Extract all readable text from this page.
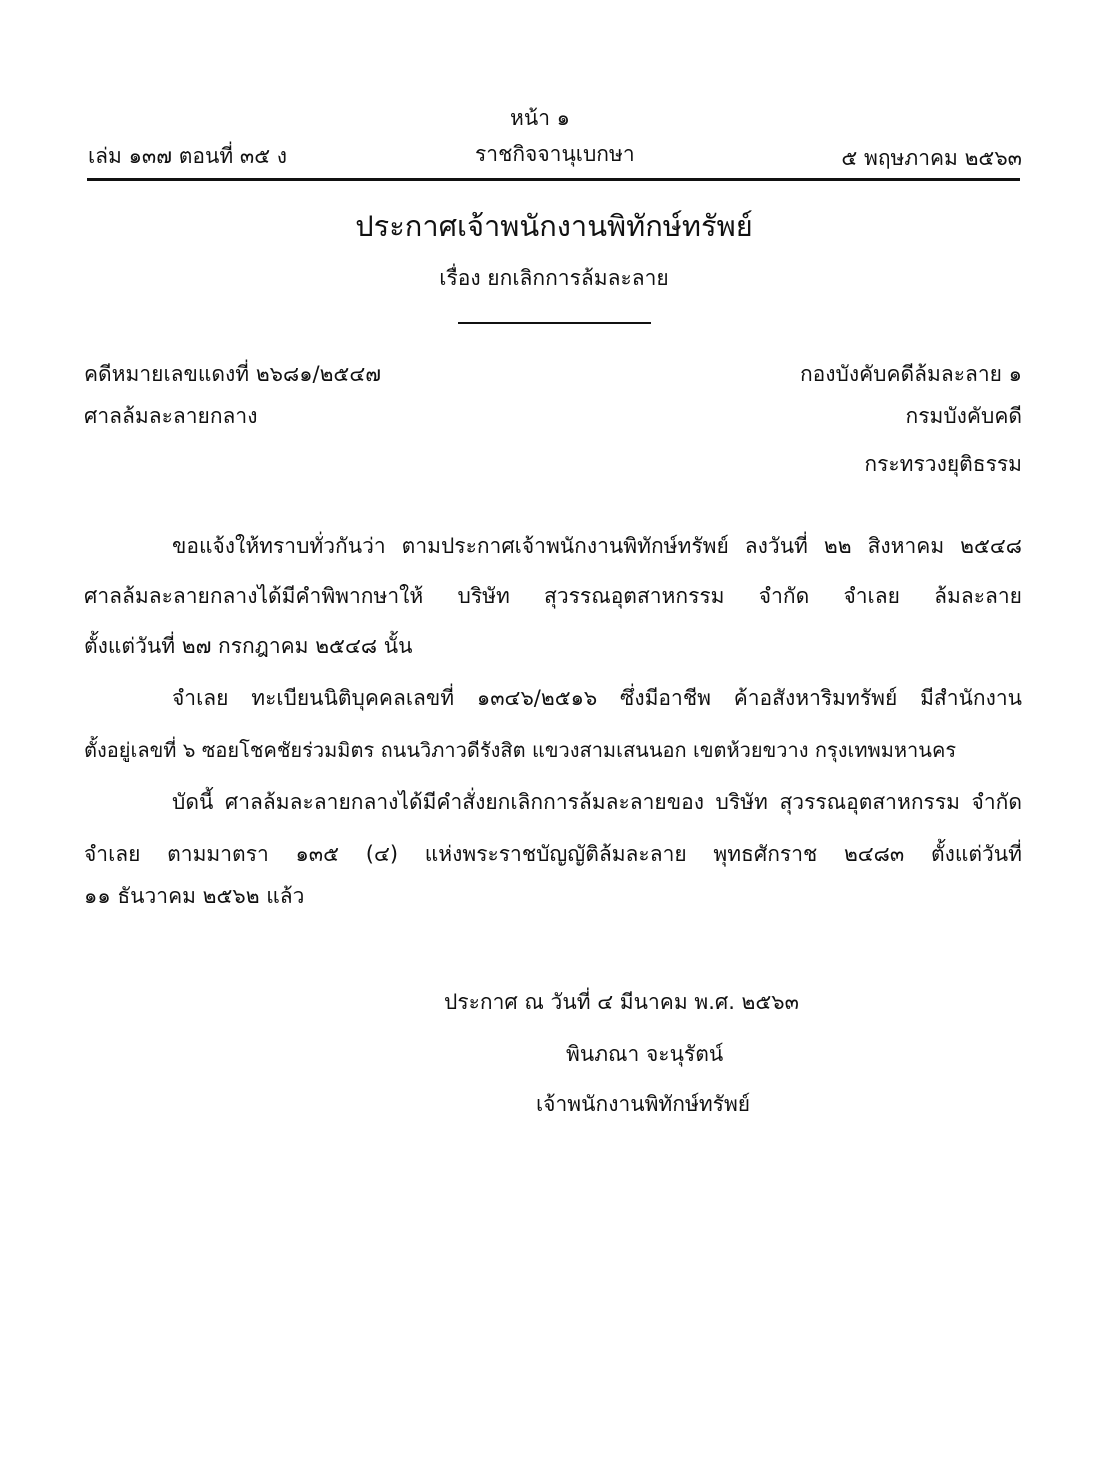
หน้า ๑
เล่ม ๑๓๗ ตอนที่ ๓๕ ง	ราชกิจจานุเบกษา	๕ พฤษภาคม ๒๕๖๓
ประกาศเจ้าพนักงานพิทักษ์ทรัพย์
เรื่อง ยกเลิกการล้มละลาย
คดีหมายเลขแดงที่ ๒๖๘๑/๒๕๔๗
ศาลล้มละลายกลาง
กองบังคับคดีล้มละลาย ๑
กรมบังคับคดี
กระทรวงยุติธรรม
ขอแจ้งให้ทราบทั่วกันว่า ตามประกาศเจ้าพนักงานพิทักษ์ทรัพย์ ลงวันที่ ๒๒ สิงหาคม ๒๕๔๘
ศาลล้มละลายกลางได้มีคำพิพากษาให้ บริษัท สุวรรณอุตสาหกรรม จำกัด จำเลย ล้มละลาย
ตั้งแต่วันที่ ๒๗ กรกฎาคม ๒๕๔๘ นั้น
จำเลย ทะเบียนนิติบุคคลเลขที่ ๑๓๔๖/๒๕๑๖ ซึ่งมีอาชีพ ค้าอสังหาริมทรัพย์ มีสำนักงาน
ตั้งอยู่เลขที่ ๖ ซอยโชคชัยร่วมมิตร ถนนวิภาวดีรังสิต แขวงสามเสนนอก เขตห้วยขวาง กรุงเทพมหานคร
บัดนี้ ศาลล้มละลายกลางได้มีคำสั่งยกเลิกการล้มละลายของ บริษัท สุวรรณอุตสาหกรรม จำกัด
จำเลย ตามมาตรา ๑๓๕ (๔) แห่งพระราชบัญญัติล้มละลาย พุทธศักราช ๒๔๘๓ ตั้งแต่วันที่
๑๑ ธันวาคม ๒๕๖๒ แล้ว
ประกาศ ณ วันที่ ๔ มีนาคม พ.ศ. ๒๕๖๓
พินภณา จะนุรัตน์
เจ้าพนักงานพิทักษ์ทรัพย์
